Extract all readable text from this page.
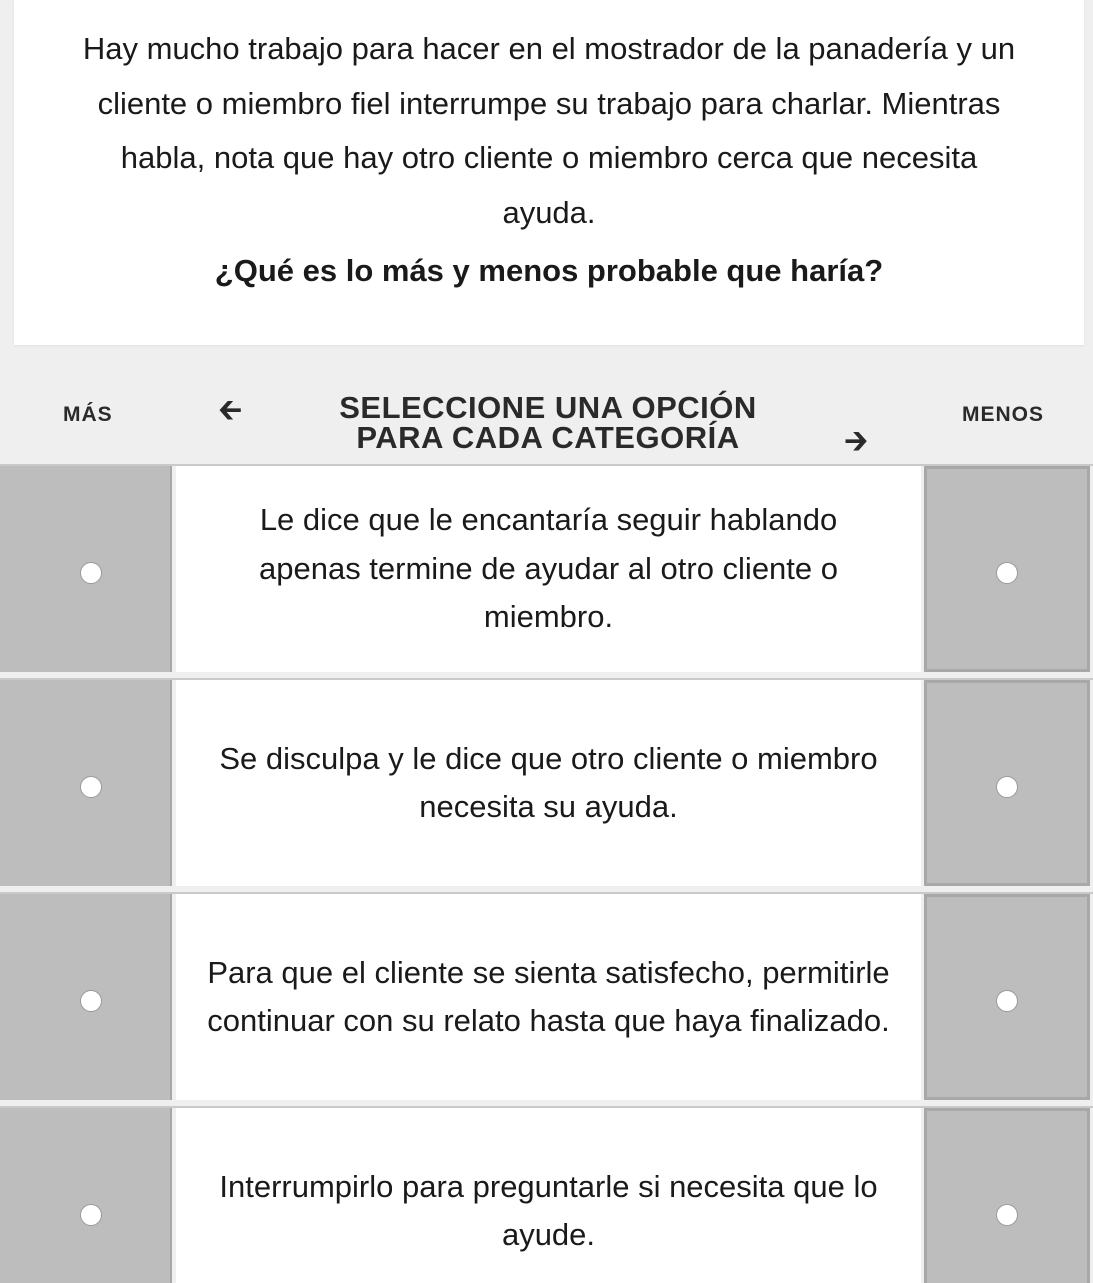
Hay mucho trabajo para hacer en el mostrador de la panadería y un cliente o miembro fiel interrumpe su trabajo para charlar. Mientras habla, nota que hay otro cliente o miembro cerca que necesita ayuda.

¿Qué es lo más y menos probable que haría?

MÁS	🡰	SELECCIONE UNA OPCIÓN PARA CADA CATEGORÍA	🡲
MENOS
Le dice que le encantaría seguir hablando apenas termine de ayudar al otro cliente o miembro.
Se disculpa y le dice que otro cliente o miembro necesita su ayuda.
Para que el cliente se sienta satisfecho, permitirle continuar con su relato hasta que haya finalizado.
Interrumpirlo para preguntarle si necesita que lo ayude.
